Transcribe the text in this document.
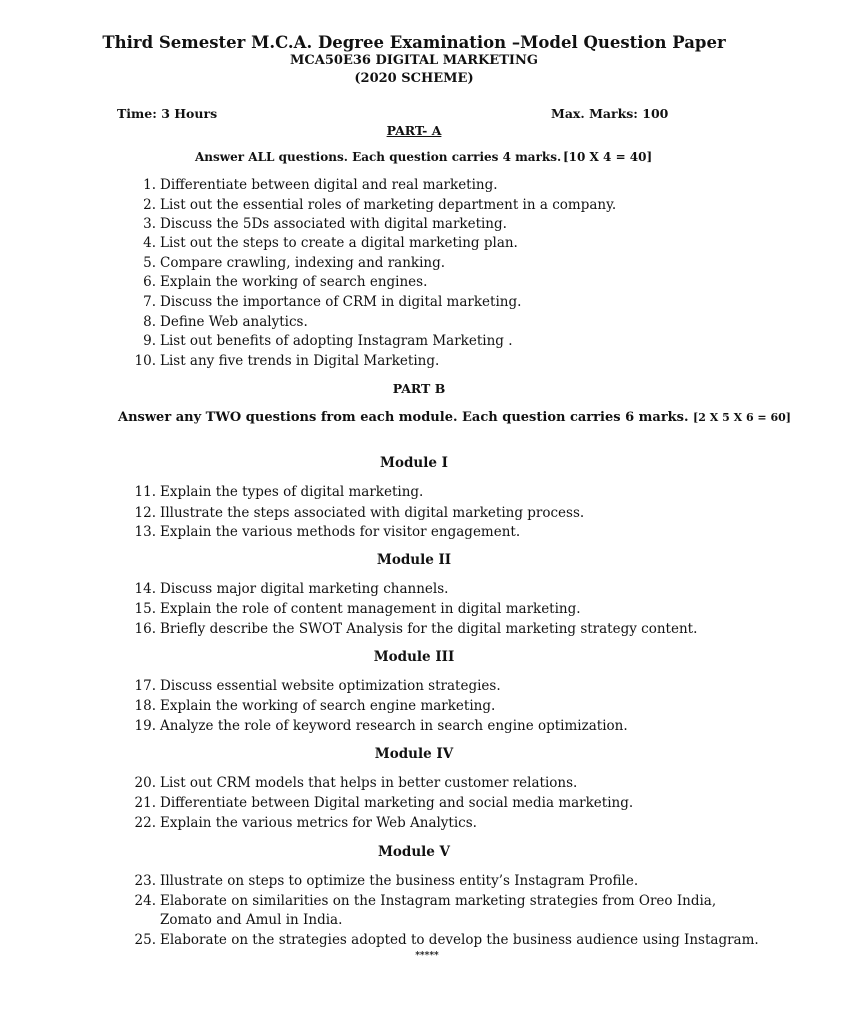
Third Semester M.C.A. Degree Examination –Model Question Paper
MCA50E36 DIGITAL MARKETING
(2020 SCHEME)
Time: 3 Hours	Max. Marks: 100
PART- A
Answer ALL questions. Each question carries 4 marks. [10 X 4 = 40]
1. Differentiate between digital and real marketing.
2. List out the essential roles of marketing department in a company.
3. Discuss the 5Ds associated with digital marketing.
4. List out the steps to create a digital marketing plan.
5. Compare crawling, indexing and ranking.
6. Explain the working of search engines.
7. Discuss the importance of CRM in digital marketing.
8. Define Web analytics.
9. List out benefits of adopting Instagram Marketing .
10. List any five trends in Digital Marketing.
PART B
Answer any TWO questions from each module. Each question carries 6 marks. [2 X 5 X 6 = 60]
Module I
11. Explain the types of digital marketing.
12. Illustrate the steps associated with digital marketing process.
13. Explain the various methods for visitor engagement.
Module II
14. Discuss major digital marketing channels.
15. Explain the role of content management in digital marketing.
16. Briefly describe the SWOT Analysis for the digital marketing strategy content.
Module III
17. Discuss essential website optimization strategies.
18. Explain the working of search engine marketing.
19. Analyze the role of keyword research in search engine optimization.
Module IV
20. List out CRM models that helps in better customer relations.
21. Differentiate between Digital marketing and social media marketing.
22. Explain the various metrics for Web Analytics.
Module V
23. Illustrate on steps to optimize the business entity’s Instagram Profile.
24. Elaborate on similarities on the Instagram marketing strategies from Oreo India,
Zomato and Amul in India.
25. Elaborate on the strategies adopted to develop the business audience using Instagram.
*****
